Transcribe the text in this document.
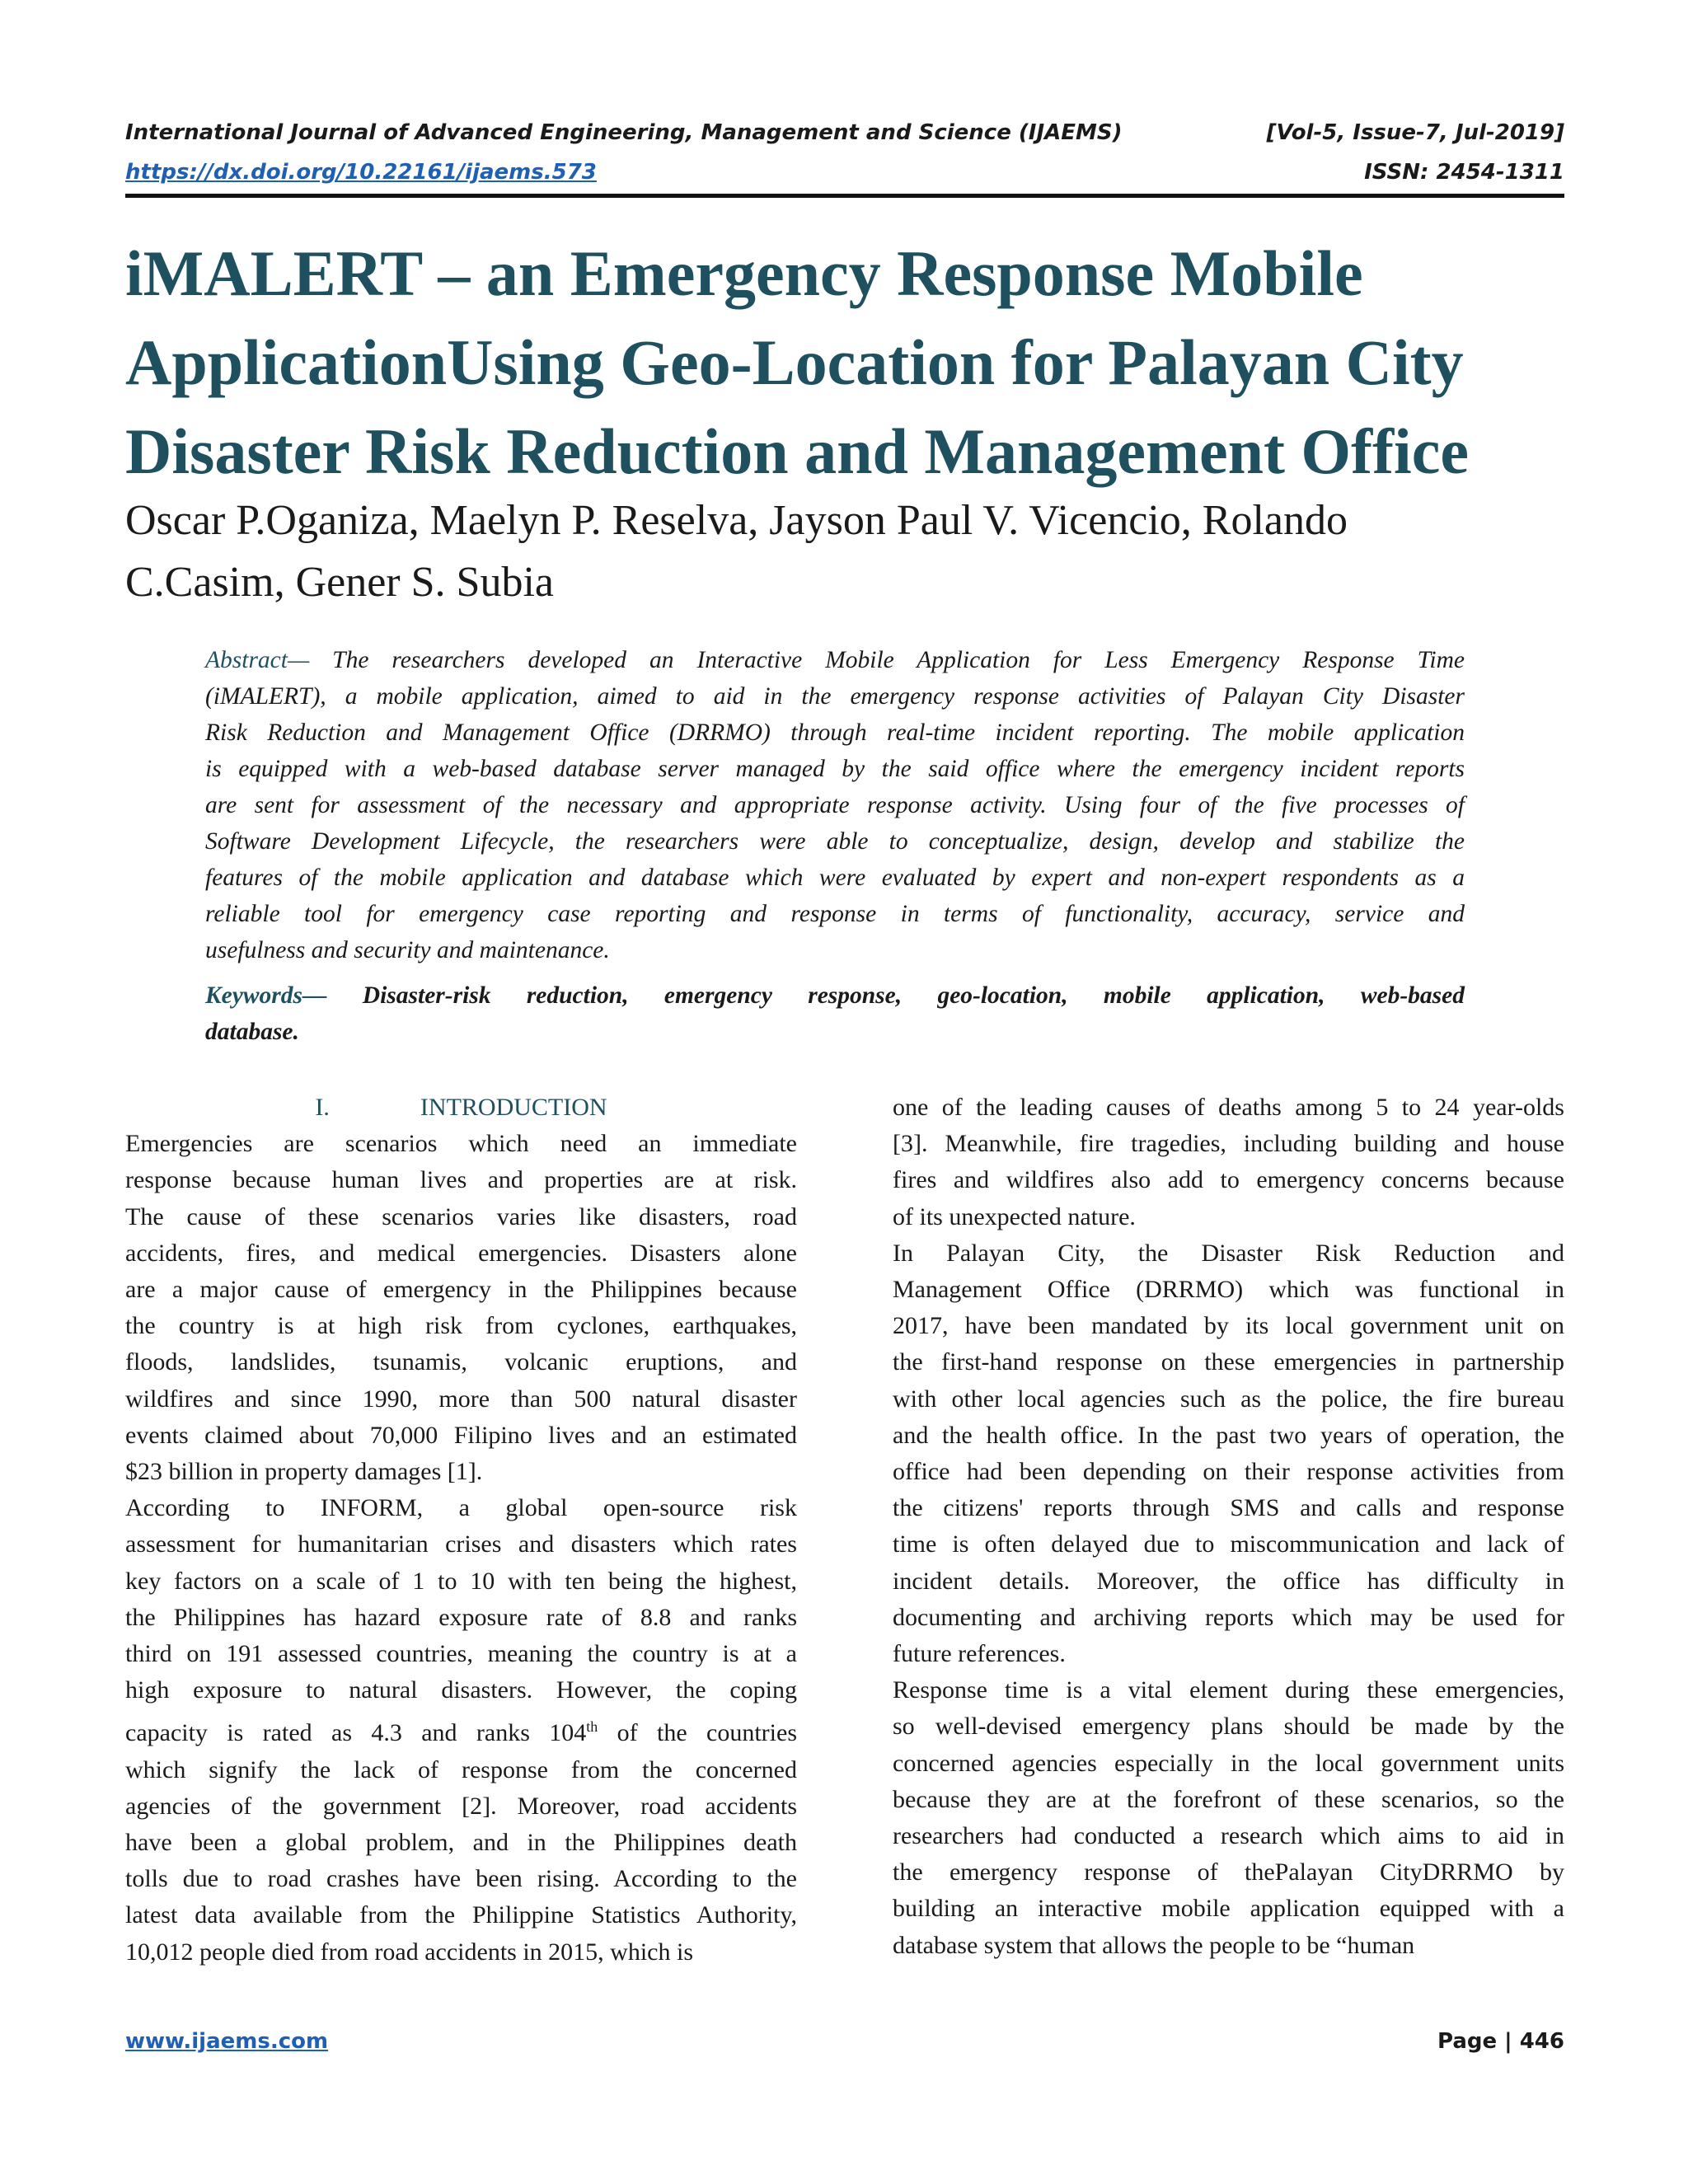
International Journal of Advanced Engineering, Management and Science (IJAEMS)	[Vol-5, Issue-7, Jul-2019]
https://dx.doi.org/10.22161/ijaems.573	ISSN: 2454-1311
iMALERT – an Emergency Response Mobile
ApplicationUsing Geo-Location for Palayan City
Disaster Risk Reduction and Management Office
Oscar P.Oganiza, Maelyn P. Reselva, Jayson Paul V. Vicencio, Rolando
C.Casim, Gener S. Subia
Abstract— The researchers developed an Interactive Mobile Application for Less Emergency Response Time
(iMALERT), a mobile application, aimed to aid in the emergency response activities of Palayan City Disaster
Risk Reduction and Management Office (DRRMO) through real-time incident reporting. The mobile application
is equipped with a web-based database server managed by the said office where the emergency incident reports
are sent for assessment of the necessary and appropriate response activity. Using four of the five processes of
Software Development Lifecycle, the researchers were able to conceptualize, design, develop and stabilize the
features of the mobile application and database which were evaluated by expert and non-expert respondents as a
reliable tool for emergency case reporting and response in terms of functionality, accuracy, service and
usefulness and security and maintenance.
Keywords— Disaster-risk reduction, emergency response, geo-location, mobile application, web-based
database.
I.	INTRODUCTION
Emergencies are scenarios which need an immediate
response because human lives and properties are at risk.
The cause of these scenarios varies like disasters, road
accidents, fires, and medical emergencies. Disasters alone
are a major cause of emergency in the Philippines because
the country is at high risk from cyclones, earthquakes,
floods, landslides, tsunamis, volcanic eruptions, and
wildfires and since 1990, more than 500 natural disaster
events claimed about 70,000 Filipino lives and an estimated
$23 billion in property damages [1].
According to INFORM, a global open-source risk
assessment for humanitarian crises and disasters which rates
key factors on a scale of 1 to 10 with ten being the highest,
the Philippines has hazard exposure rate of 8.8 and ranks
third on 191 assessed countries, meaning the country is at a
high exposure to natural disasters. However, the coping
capacity is rated as 4.3 and ranks 104th of the countries
which signify the lack of response from the concerned
agencies of the government [2]. Moreover, road accidents
have been a global problem, and in the Philippines death
tolls due to road crashes have been rising. According to the
latest data available from the Philippine Statistics Authority,
10,012 people died from road accidents in 2015, which is
one of the leading causes of deaths among 5 to 24 year-olds
[3]. Meanwhile, fire tragedies, including building and house
fires and wildfires also add to emergency concerns because
of its unexpected nature.
In Palayan City, the Disaster Risk Reduction and
Management Office (DRRMO) which was functional in
2017, have been mandated by its local government unit on
the first-hand response on these emergencies in partnership
with other local agencies such as the police, the fire bureau
and the health office. In the past two years of operation, the
office had been depending on their response activities from
the citizens' reports through SMS and calls and response
time is often delayed due to miscommunication and lack of
incident details. Moreover, the office has difficulty in
documenting and archiving reports which may be used for
future references.
Response time is a vital element during these emergencies,
so well-devised emergency plans should be made by the
concerned agencies especially in the local government units
because they are at the forefront of these scenarios, so the
researchers had conducted a research which aims to aid in
the emergency response of thePalayan CityDRRMO by
building an interactive mobile application equipped with a
database system that allows the people to be “human
www.ijaems.com	Page | 446
